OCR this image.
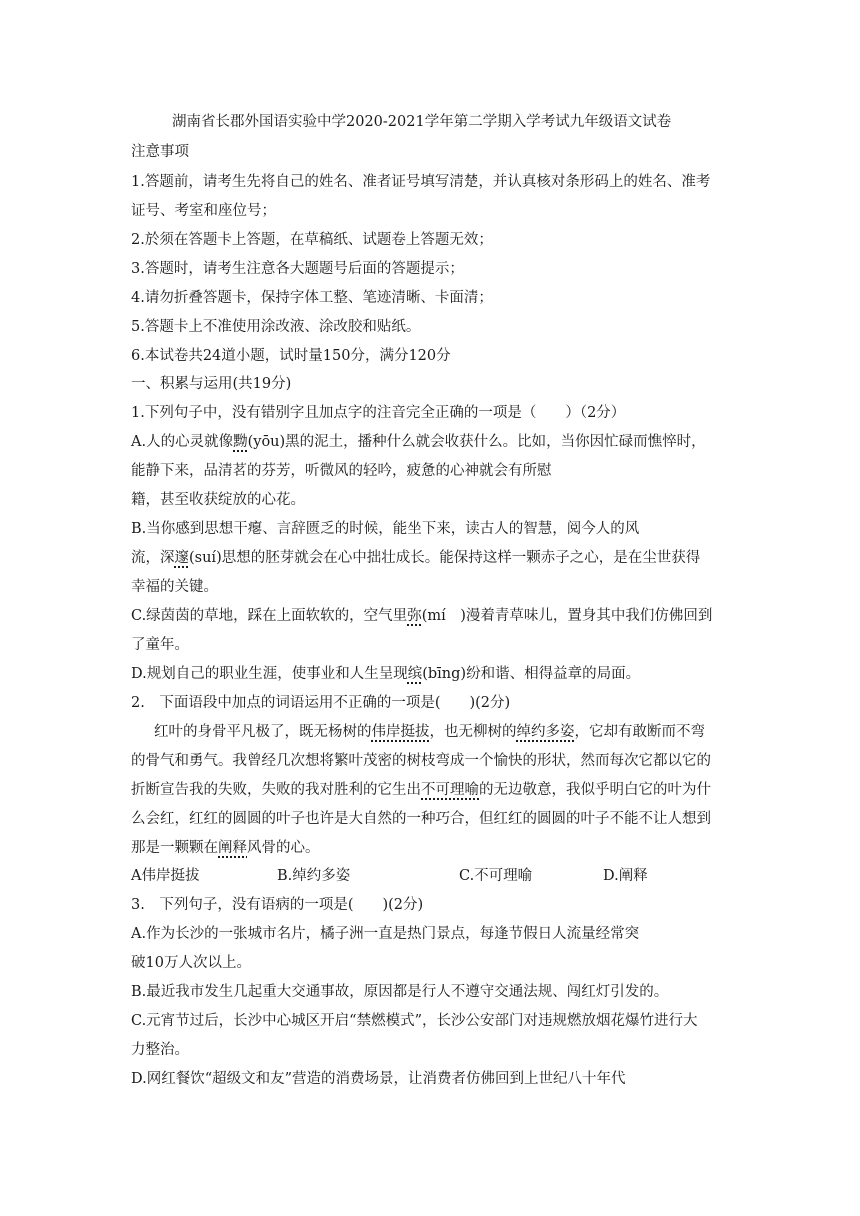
湖南省长郡外国语实验中学2020-2021学年第二学期入学考试九年级语文试卷
注意事项
1.答题前，请考生先将自己的姓名、准者证号填写清楚，并认真核对条形码上的姓名、准考
证号、考室和座位号；
2.於须在答题卡上答题，在草稿纸、试题卷上答题无效；
3.答题时，请考生注意各大题题号后面的答题提示；
4.请勿折叠答题卡，保持字体工整、笔迹清晰、卡面清；
5.答题卡上不准使用涂改液、涂改胶和贴纸。
6.本试卷共24道小题，试时量150分，满分120分
一、积累与运用(共19分)
1.下列句子中，没有错别字且加点字的注音完全正确的一项是（　　）（2分）
A.人的心灵就像黝(yōu)黑的泥土，播种什么就会收获什么。比如，当你因忙碌而憔悴时，
能静下来，品清茗的芬芳，听微风的轻吟，疲惫的心神就会有所慰
籍，甚至收获绽放的心花。
B.当你感到思想干瘪、言辞匮乏的时候，能坐下来，读古人的智慧，阅今人的风
流，深邃(suí)思想的胚芽就会在心中拙壮成长。能保持这样一颗赤子之心，是在尘世获得
幸福的关键。
C.绿茵茵的草地，踩在上面软软的，空气里弥(mí　)漫着青草味儿，置身其中我们仿佛回到
了童年。
D.规划自己的职业生涯，使事业和人生呈现缤(bīng)纷和谐、相得益章的局面。
2.　下面语段中加点的词语运用不正确的一项是(　　)(2分)
红叶的身骨平凡极了，既无杨树的伟岸挺拔，也无柳树的绰约多姿，它却有敢断而不弯
的骨气和勇气。我曾经几次想将繁叶茂密的树枝弯成一个愉快的形状，然而每次它都以它的
折断宣告我的失败，失败的我对胜利的它生出不可理喻的无边敬意，我似乎明白它的叶为什
么会红，红红的圆圆的叶子也许是大自然的一种巧合，但红红的圆圆的叶子不能不让人想到
那是一颗颗在阐释风骨的心。
A伟岸挺拔	B.绰约多姿	C.不可理喻	D.阐释
3.　下列句子，没有语病的一项是(　　)(2分)
A.作为长沙的一张城市名片，橘子洲一直是热门景点，每逢节假日人流量经常突
破10万人次以上。
B.最近我市发生几起重大交通事故，原因都是行人不遵守交通法规、闯红灯引发的。
C.元宵节过后，长沙中心城区开启“禁燃模式”，长沙公安部门对违规燃放烟花爆竹进行大
力整治。
D.网红餐饮“超级文和友”营造的消费场景，让消费者仿佛回到上世纪八十年代
